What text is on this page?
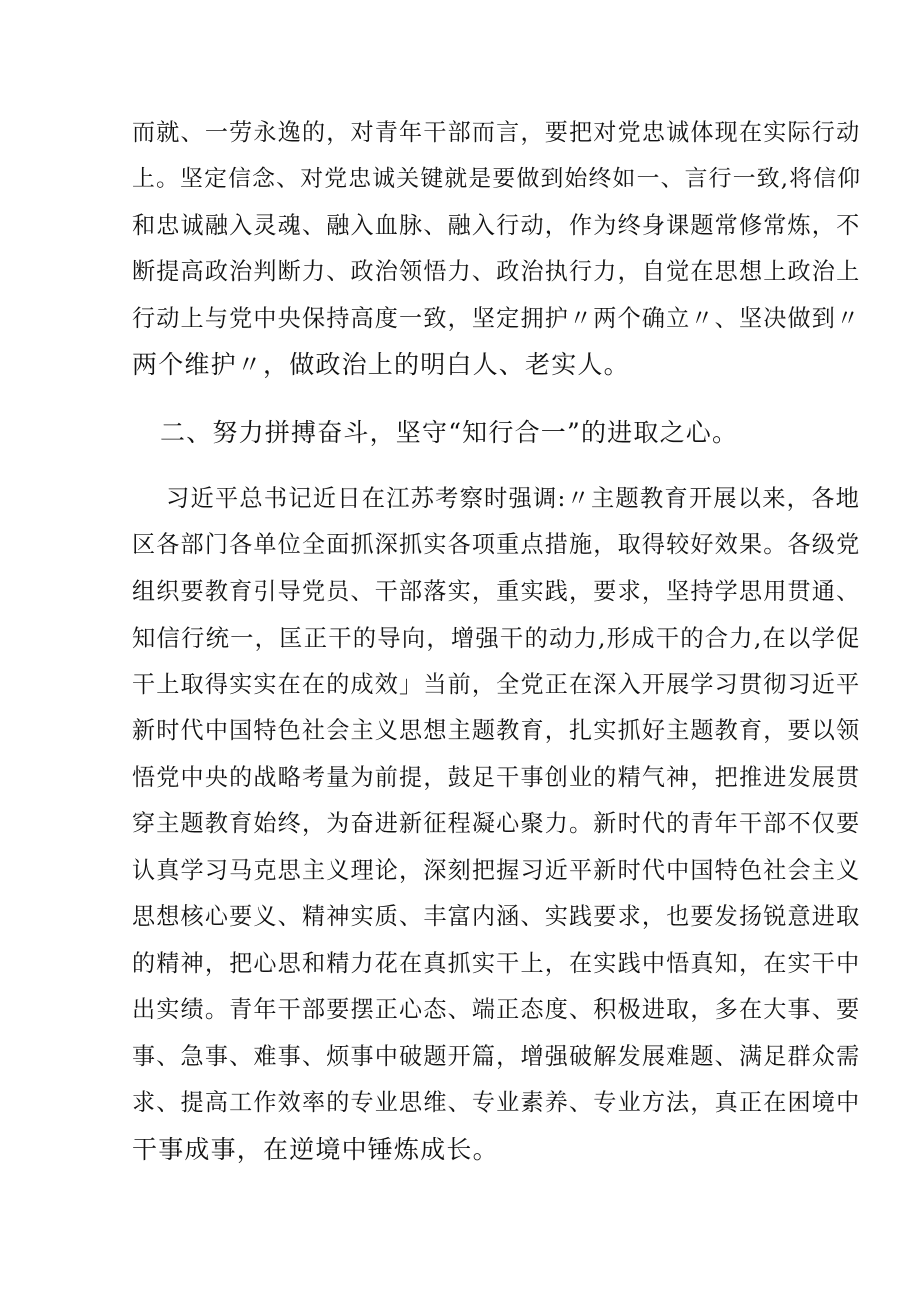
而就、一劳永逸的，对青年干部而言，要把对党忠诚体现在实际行动
上。坚定信念、对党忠诚关键就是要做到始终如一、言行一致,将信仰
和忠诚融入灵魂、融入血脉、融入行动，作为终身课题常修常炼，不
断提高政治判断力、政治领悟力、政治执行力，自觉在思想上政治上
行动上与党中央保持高度一致，坚定拥护〃两个确立〃、坚决做到〃
两个维护〃，做政治上的明白人、老实人。
二、努力拼搏奋斗，坚守“知行合一”的进取之心。
习近平总书记近日在江苏考察时强调:〃主题教育开展以来，各地
区各部门各单位全面抓深抓实各项重点措施，取得较好效果。各级党
组织要教育引导党员、干部落实，重实践，要求，坚持学思用贯通、
知信行统一，匡正干的导向，增强干的动力,形成干的合力,在以学促
干上取得实实在在的成效」当前，全党正在深入开展学习贯彻习近平
新时代中国特色社会主义思想主题教育，扎实抓好主题教育，要以领
悟党中央的战略考量为前提，鼓足干事创业的精气神，把推进发展贯
穿主题教育始终，为奋进新征程凝心聚力。新时代的青年干部不仅要
认真学习马克思主义理论，深刻把握习近平新时代中国特色社会主义
思想核心要义、精神实质、丰富内涵、实践要求，也要发扬锐意进取
的精神，把心思和精力花在真抓实干上，在实践中悟真知，在实干中
出实绩。青年干部要摆正心态、端正态度、积极进取，多在大事、要
事、急事、难事、烦事中破题开篇，增强破解发展难题、满足群众需
求、提高工作效率的专业思维、专业素养、专业方法，真正在困境中
干事成事，在逆境中锤炼成长。
